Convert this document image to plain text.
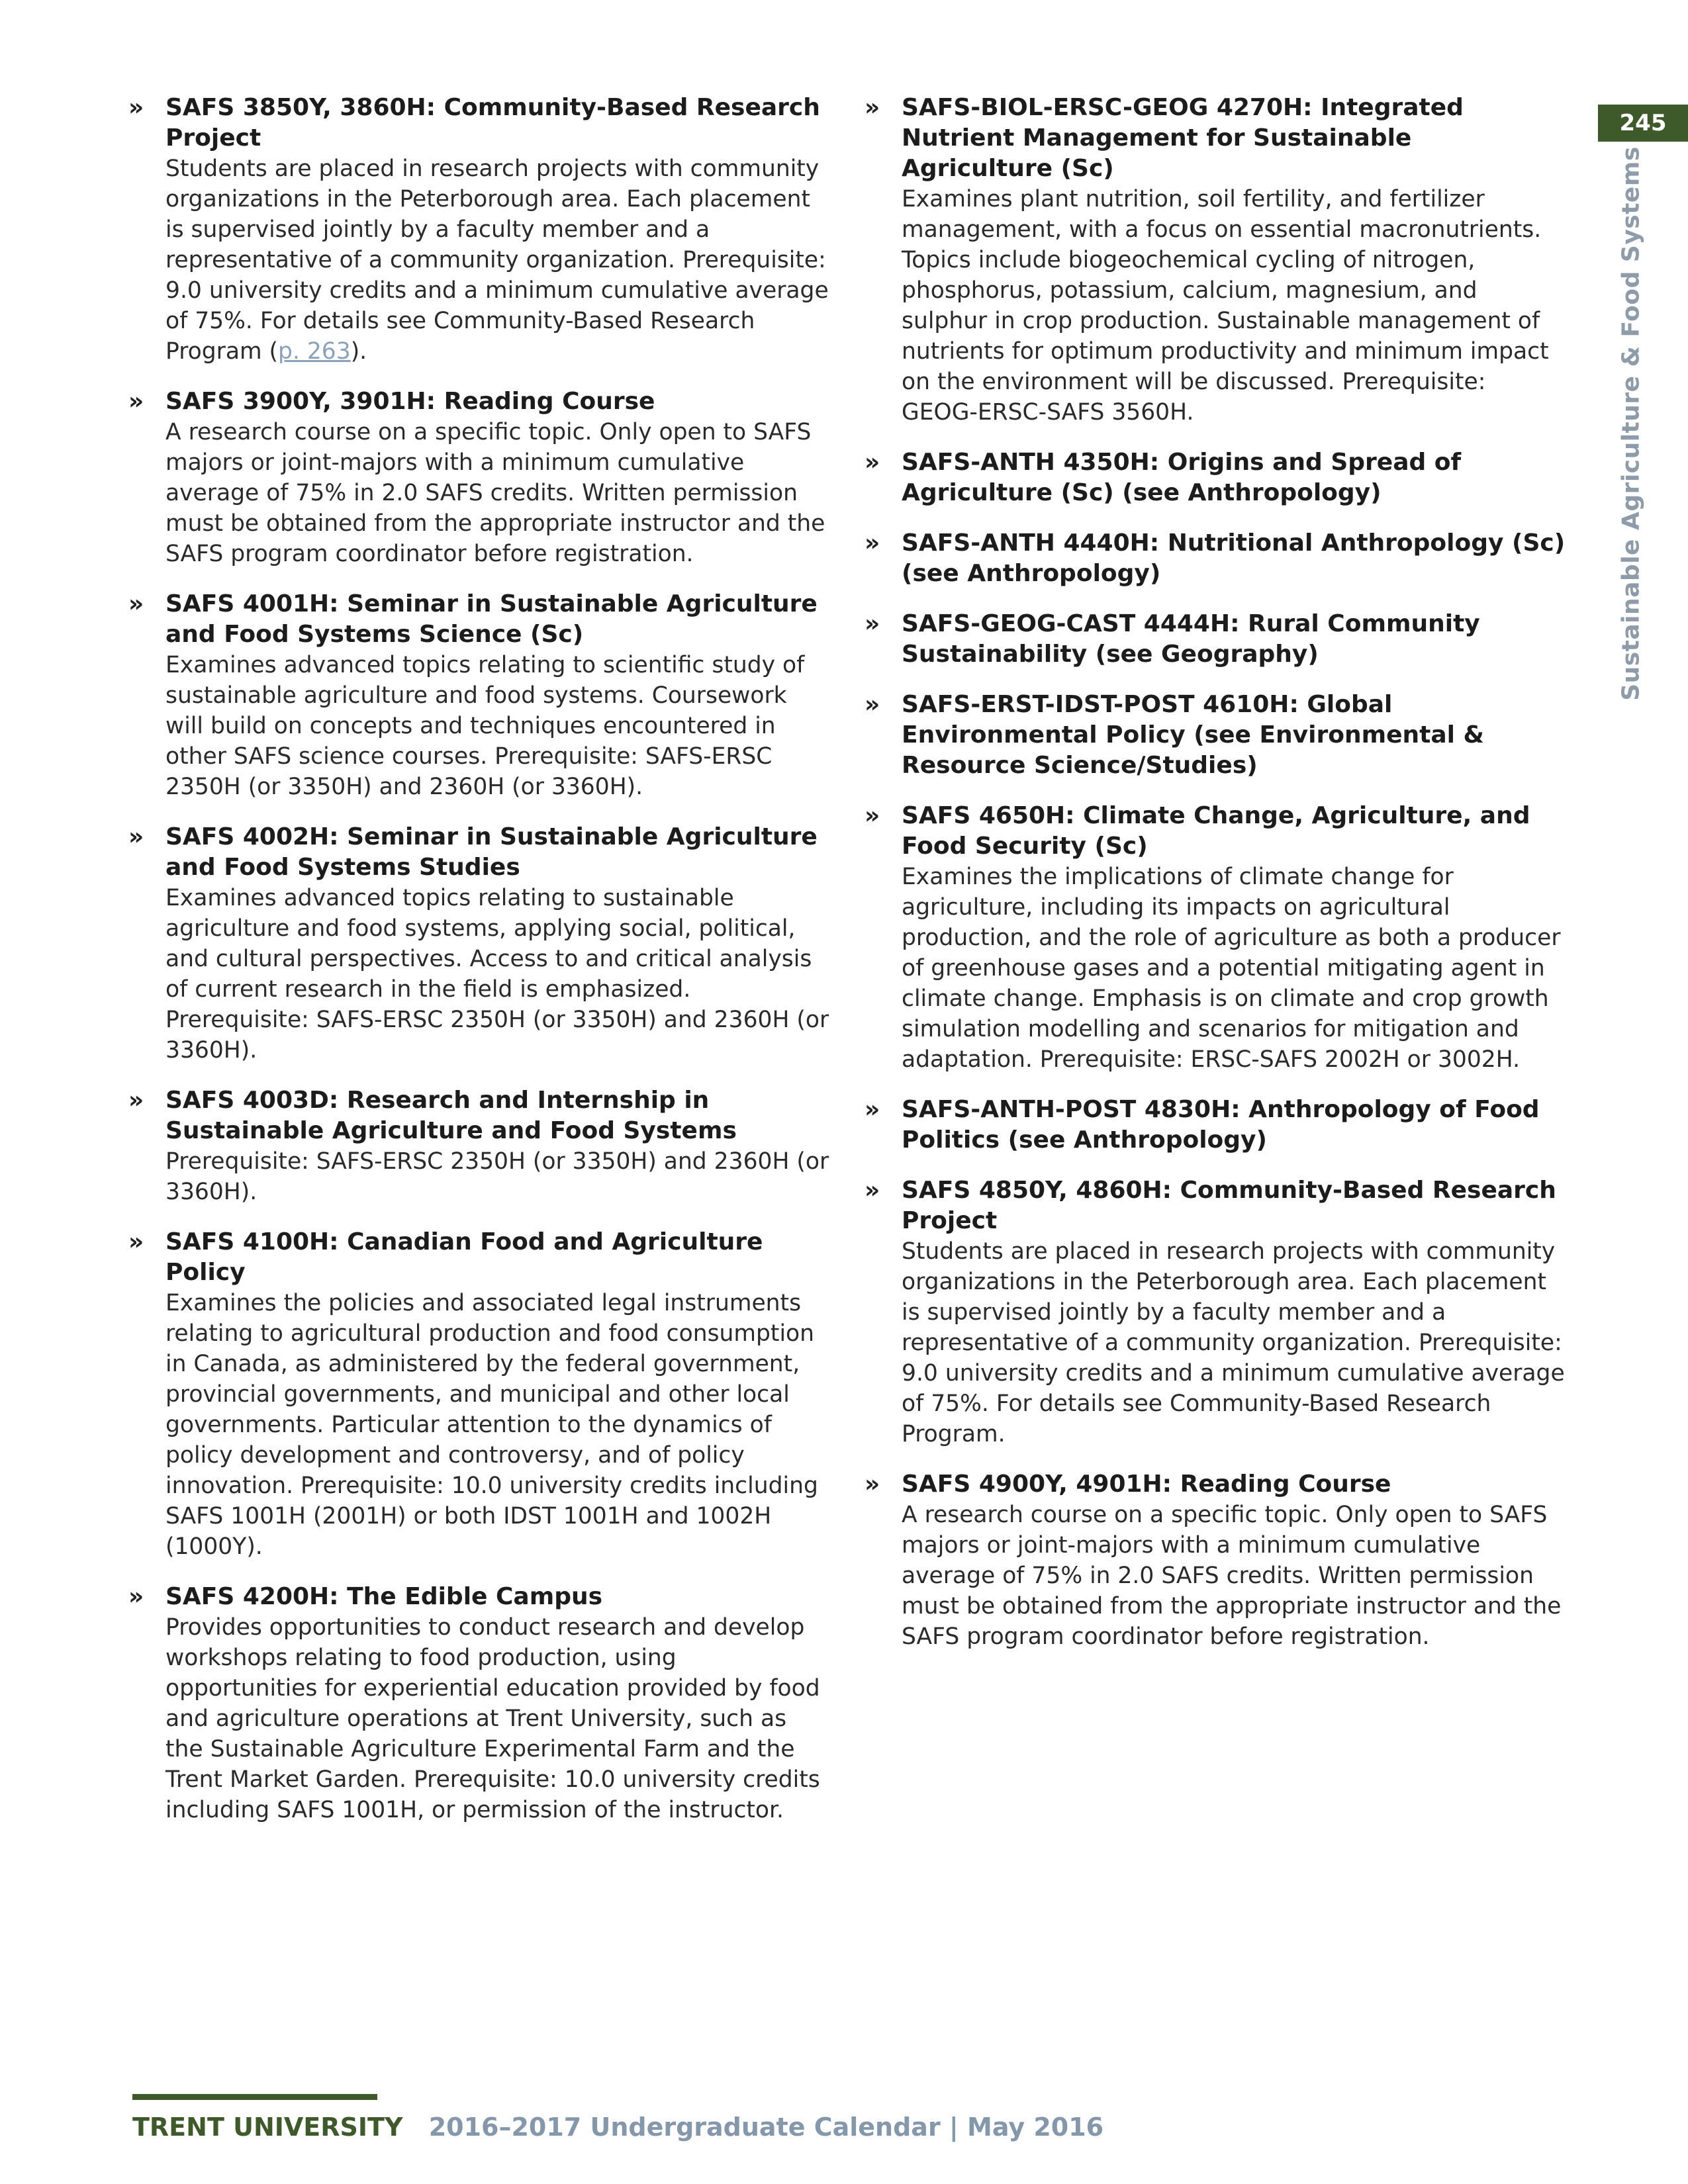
» SAFS 3850Y, 3860H: Community-Based Research Project
Students are placed in research projects with community organizations in the Peterborough area. Each placement is supervised jointly by a faculty member and a representative of a community organization. Prerequisite: 9.0 university credits and a minimum cumulative average of 75%. For details see Community-Based Research Program (p. 263).
» SAFS 3900Y, 3901H: Reading Course
A research course on a specific topic. Only open to SAFS majors or joint-majors with a minimum cumulative average of 75% in 2.0 SAFS credits. Written permission must be obtained from the appropriate instructor and the SAFS program coordinator before registration.
» SAFS 4001H: Seminar in Sustainable Agriculture and Food Systems Science (Sc)
Examines advanced topics relating to scientific study of sustainable agriculture and food systems. Coursework will build on concepts and techniques encountered in other SAFS science courses. Prerequisite: SAFS-ERSC 2350H (or 3350H) and 2360H (or 3360H).
» SAFS 4002H: Seminar in Sustainable Agriculture and Food Systems Studies
Examines advanced topics relating to sustainable agriculture and food systems, applying social, political, and cultural perspectives. Access to and critical analysis of current research in the field is emphasized. Prerequisite: SAFS-ERSC 2350H (or 3350H) and 2360H (or 3360H).
» SAFS 4003D: Research and Internship in Sustainable Agriculture and Food Systems
Prerequisite: SAFS-ERSC 2350H (or 3350H) and 2360H (or 3360H).
» SAFS 4100H: Canadian Food and Agriculture Policy
Examines the policies and associated legal instruments relating to agricultural production and food consumption in Canada, as administered by the federal government, provincial governments, and municipal and other local governments. Particular attention to the dynamics of policy development and controversy, and of policy innovation. Prerequisite: 10.0 university credits including SAFS 1001H (2001H) or both IDST 1001H and 1002H (1000Y).
» SAFS 4200H: The Edible Campus
Provides opportunities to conduct research and develop workshops relating to food production, using opportunities for experiential education provided by food and agriculture operations at Trent University, such as the Sustainable Agriculture Experimental Farm and the Trent Market Garden. Prerequisite: 10.0 university credits including SAFS 1001H, or permission of the instructor.
» SAFS-BIOL-ERSC-GEOG 4270H: Integrated Nutrient Management for Sustainable Agriculture (Sc)
Examines plant nutrition, soil fertility, and fertilizer management, with a focus on essential macronutrients. Topics include biogeochemical cycling of nitrogen, phosphorus, potassium, calcium, magnesium, and sulphur in crop production. Sustainable management of nutrients for optimum productivity and minimum impact on the environment will be discussed. Prerequisite: GEOG-ERSC-SAFS 3560H.
» SAFS-ANTH 4350H: Origins and Spread of Agriculture (Sc) (see Anthropology)
» SAFS-ANTH 4440H: Nutritional Anthropology (Sc) (see Anthropology)
» SAFS-GEOG-CAST 4444H: Rural Community Sustainability (see Geography)
» SAFS-ERST-IDST-POST 4610H: Global Environmental Policy (see Environmental & Resource Science/Studies)
» SAFS 4650H: Climate Change, Agriculture, and Food Security (Sc)
Examines the implications of climate change for agriculture, including its impacts on agricultural production, and the role of agriculture as both a producer of greenhouse gases and a potential mitigating agent in climate change. Emphasis is on climate and crop growth simulation modelling and scenarios for mitigation and adaptation. Prerequisite: ERSC-SAFS 2002H or 3002H.
» SAFS-ANTH-POST 4830H: Anthropology of Food Politics (see Anthropology)
» SAFS 4850Y, 4860H: Community-Based Research Project
Students are placed in research projects with community organizations in the Peterborough area. Each placement is supervised jointly by a faculty member and a representative of a community organization. Prerequisite: 9.0 university credits and a minimum cumulative average of 75%. For details see Community-Based Research Program.
» SAFS 4900Y, 4901H: Reading Course
A research course on a specific topic. Only open to SAFS majors or joint-majors with a minimum cumulative average of 75% in 2.0 SAFS credits. Written permission must be obtained from the appropriate instructor and the SAFS program coordinator before registration.
245
Sustainable Agriculture & Food Systems
TRENT UNIVERSITY 2016–2017 Undergraduate Calendar | May 2016
